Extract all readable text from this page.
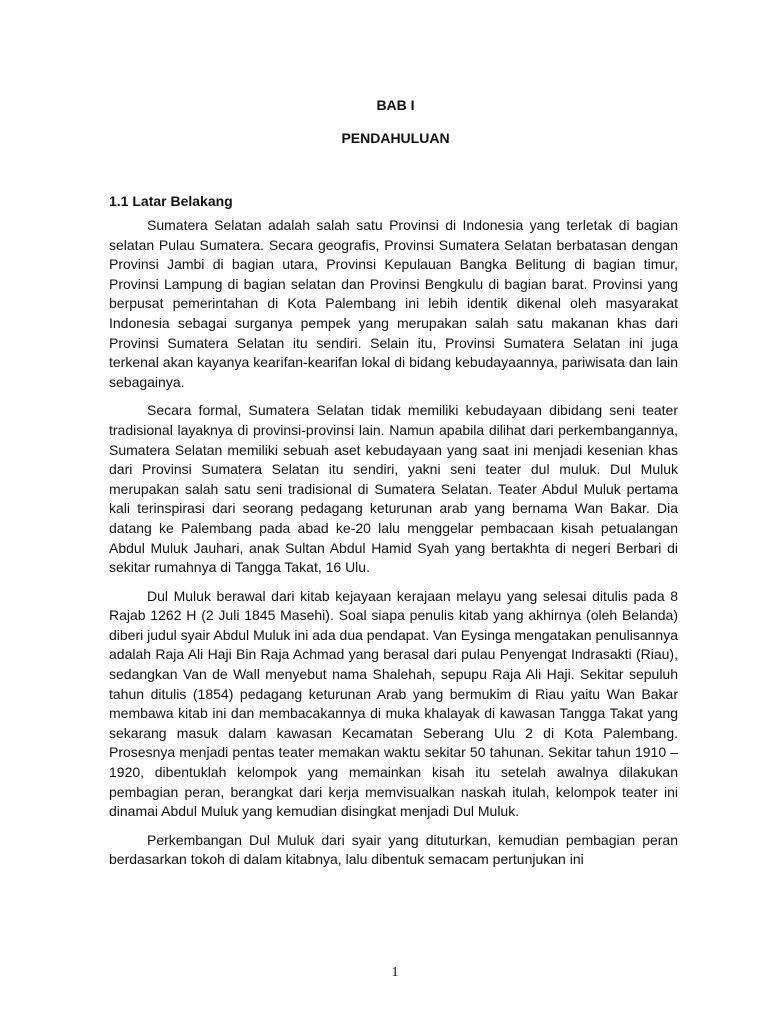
BAB I

PENDAHULUAN

1.1 Latar Belakang

Sumatera Selatan adalah salah satu Provinsi di Indonesia yang terletak di bagian selatan Pulau Sumatera. Secara geografis, Provinsi Sumatera Selatan berbatasan dengan Provinsi Jambi di bagian utara, Provinsi Kepulauan Bangka Belitung di bagian timur, Provinsi Lampung di bagian selatan dan Provinsi Bengkulu di bagian barat. Provinsi yang berpusat pemerintahan di Kota Palembang ini lebih identik dikenal oleh masyarakat Indonesia sebagai surganya pempek yang merupakan salah satu makanan khas dari Provinsi Sumatera Selatan itu sendiri. Selain itu, Provinsi Sumatera Selatan ini juga terkenal akan kayanya kearifan-kearifan lokal di bidang kebudayaannya, pariwisata dan lain sebagainya.

Secara formal, Sumatera Selatan tidak memiliki kebudayaan dibidang seni teater tradisional layaknya di provinsi-provinsi lain. Namun apabila dilihat dari perkembangannya, Sumatera Selatan memiliki sebuah aset kebudayaan yang saat ini menjadi kesenian khas dari Provinsi Sumatera Selatan itu sendiri, yakni seni teater dul muluk. Dul Muluk merupakan salah satu seni tradisional di Sumatera Selatan. Teater Abdul Muluk pertama kali terinspirasi dari seorang pedagang keturunan arab yang bernama Wan Bakar. Dia datang ke Palembang pada abad ke-20 lalu menggelar pembacaan kisah petualangan Abdul Muluk Jauhari, anak Sultan Abdul Hamid Syah yang bertakhta di negeri Berbari di sekitar rumahnya di Tangga Takat, 16 Ulu.

Dul Muluk berawal dari kitab kejayaan kerajaan melayu yang selesai ditulis pada 8 Rajab 1262 H (2 Juli 1845 Masehi). Soal siapa penulis kitab yang akhirnya (oleh Belanda) diberi judul syair Abdul Muluk ini ada dua pendapat. Van Eysinga mengatakan penulisannya adalah Raja Ali Haji Bin Raja Achmad yang berasal dari pulau Penyengat Indrasakti (Riau), sedangkan Van de Wall menyebut nama Shalehah, sepupu Raja Ali Haji. Sekitar sepuluh tahun ditulis (1854) pedagang keturunan Arab yang bermukim di Riau yaitu Wan Bakar membawa kitab ini dan membacakannya di muka khalayak di kawasan Tangga Takat yang sekarang masuk dalam kawasan Kecamatan Seberang Ulu 2 di Kota Palembang. Prosesnya menjadi pentas teater memakan waktu sekitar 50 tahunan. Sekitar tahun 1910 – 1920, dibentuklah kelompok yang memainkan kisah itu setelah awalnya dilakukan pembagian peran, berangkat dari kerja memvisualkan naskah itulah, kelompok teater ini dinamai Abdul Muluk yang kemudian disingkat menjadi Dul Muluk.

Perkembangan Dul Muluk dari syair yang dituturkan, kemudian pembagian peran berdasarkan tokoh di dalam kitabnya, lalu dibentuk semacam pertunjukan ini

1
